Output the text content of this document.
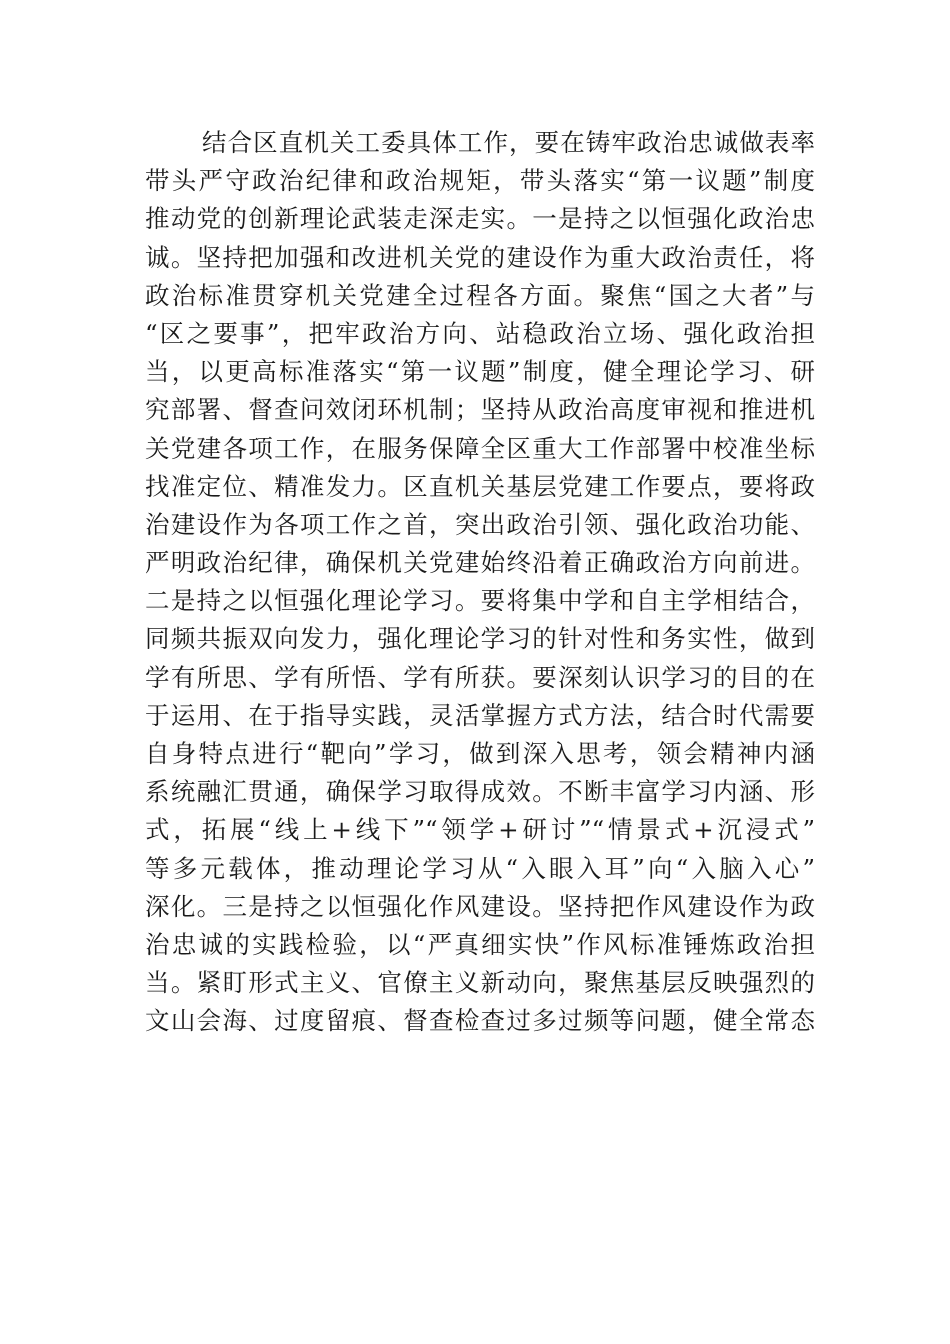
结合区直机关工委具体工作，要在铸牢政治忠诚做表率
带头严守政治纪律和政治规矩，带头落实“第一议题”制度
推动党的创新理论武装走深走实。一是持之以恒强化政治忠
诚。坚持把加强和改进机关党的建设作为重大政治责任，将
政治标准贯穿机关党建全过程各方面。聚焦“国之大者”与
“区之要事”，把牢政治方向、站稳政治立场、强化政治担
当，以更高标准落实“第一议题”制度，健全理论学习、研
究部署、督查问效闭环机制；坚持从政治高度审视和推进机
关党建各项工作，在服务保障全区重大工作部署中校准坐标
找准定位、精准发力。区直机关基层党建工作要点，要将政
治建设作为各项工作之首，突出政治引领、强化政治功能、
严明政治纪律，确保机关党建始终沿着正确政治方向前进。
二是持之以恒强化理论学习。要将集中学和自主学相结合，
同频共振双向发力，强化理论学习的针对性和务实性，做到
学有所思、学有所悟、学有所获。要深刻认识学习的目的在
于运用、在于指导实践，灵活掌握方式方法，结合时代需要
自身特点进行“靶向”学习，做到深入思考，领会精神内涵
系统融汇贯通，确保学习取得成效。不断丰富学习内涵、形
式，拓展“线上+线下”“领学+研讨”“情景式+沉浸式”
等多元载体，推动理论学习从“入眼入耳”向“入脑入心”
深化。三是持之以恒强化作风建设。坚持把作风建设作为政
治忠诚的实践检验，以“严真细实快”作风标准锤炼政治担
当。紧盯形式主义、官僚主义新动向，聚焦基层反映强烈的
文山会海、过度留痕、督查检查过多过频等问题，健全常态
